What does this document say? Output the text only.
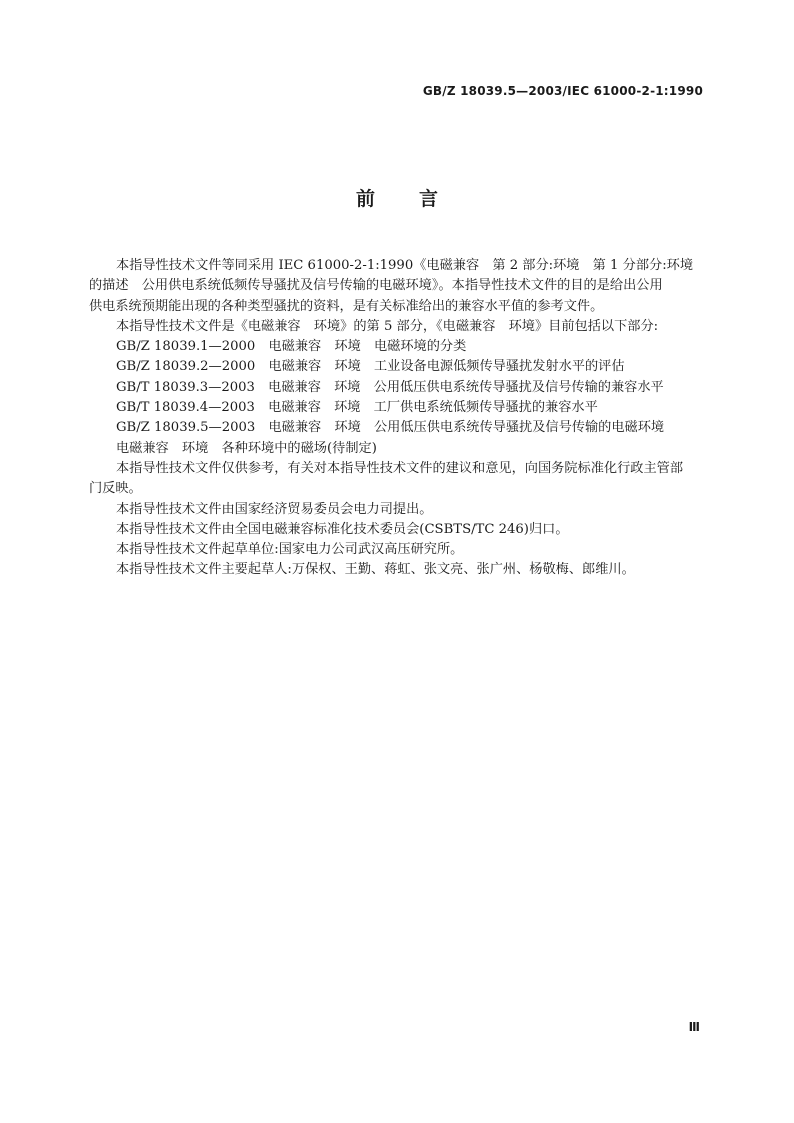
GB/Z 18039.5—2003/IEC 61000-2-1:1990
前言
本指导性技术文件等同采用 IEC 61000-2-1:1990《电磁兼容　第 2 部分:环境　第 1 分部分:环境
的描述　公用供电系统低频传导骚扰及信号传输的电磁环境》。本指导性技术文件的目的是给出公用
供电系统预期能出现的各种类型骚扰的资料，是有关标准给出的兼容水平值的参考文件。
本指导性技术文件是《电磁兼容　环境》的第 5 部分，《电磁兼容　环境》目前包括以下部分:
GB/Z 18039.1—2000　电磁兼容　环境　电磁环境的分类
GB/Z 18039.2—2000　电磁兼容　环境　工业设备电源低频传导骚扰发射水平的评估
GB/T 18039.3—2003　电磁兼容　环境　公用低压供电系统传导骚扰及信号传输的兼容水平
GB/T 18039.4—2003　电磁兼容　环境　工厂供电系统低频传导骚扰的兼容水平
GB/Z 18039.5—2003　电磁兼容　环境　公用低压供电系统传导骚扰及信号传输的电磁环境
电磁兼容　环境　各种环境中的磁场(待制定)
本指导性技术文件仅供参考，有关对本指导性技术文件的建议和意见，向国务院标准化行政主管部
门反映。
本指导性技术文件由国家经济贸易委员会电力司提出。
本指导性技术文件由全国电磁兼容标准化技术委员会(CSBTS/TC 246)归口。
本指导性技术文件起草单位:国家电力公司武汉高压研究所。
本指导性技术文件主要起草人:万保权、王勤、蒋虹、张文亮、张广州、杨敬梅、郎维川。
Ⅲ
